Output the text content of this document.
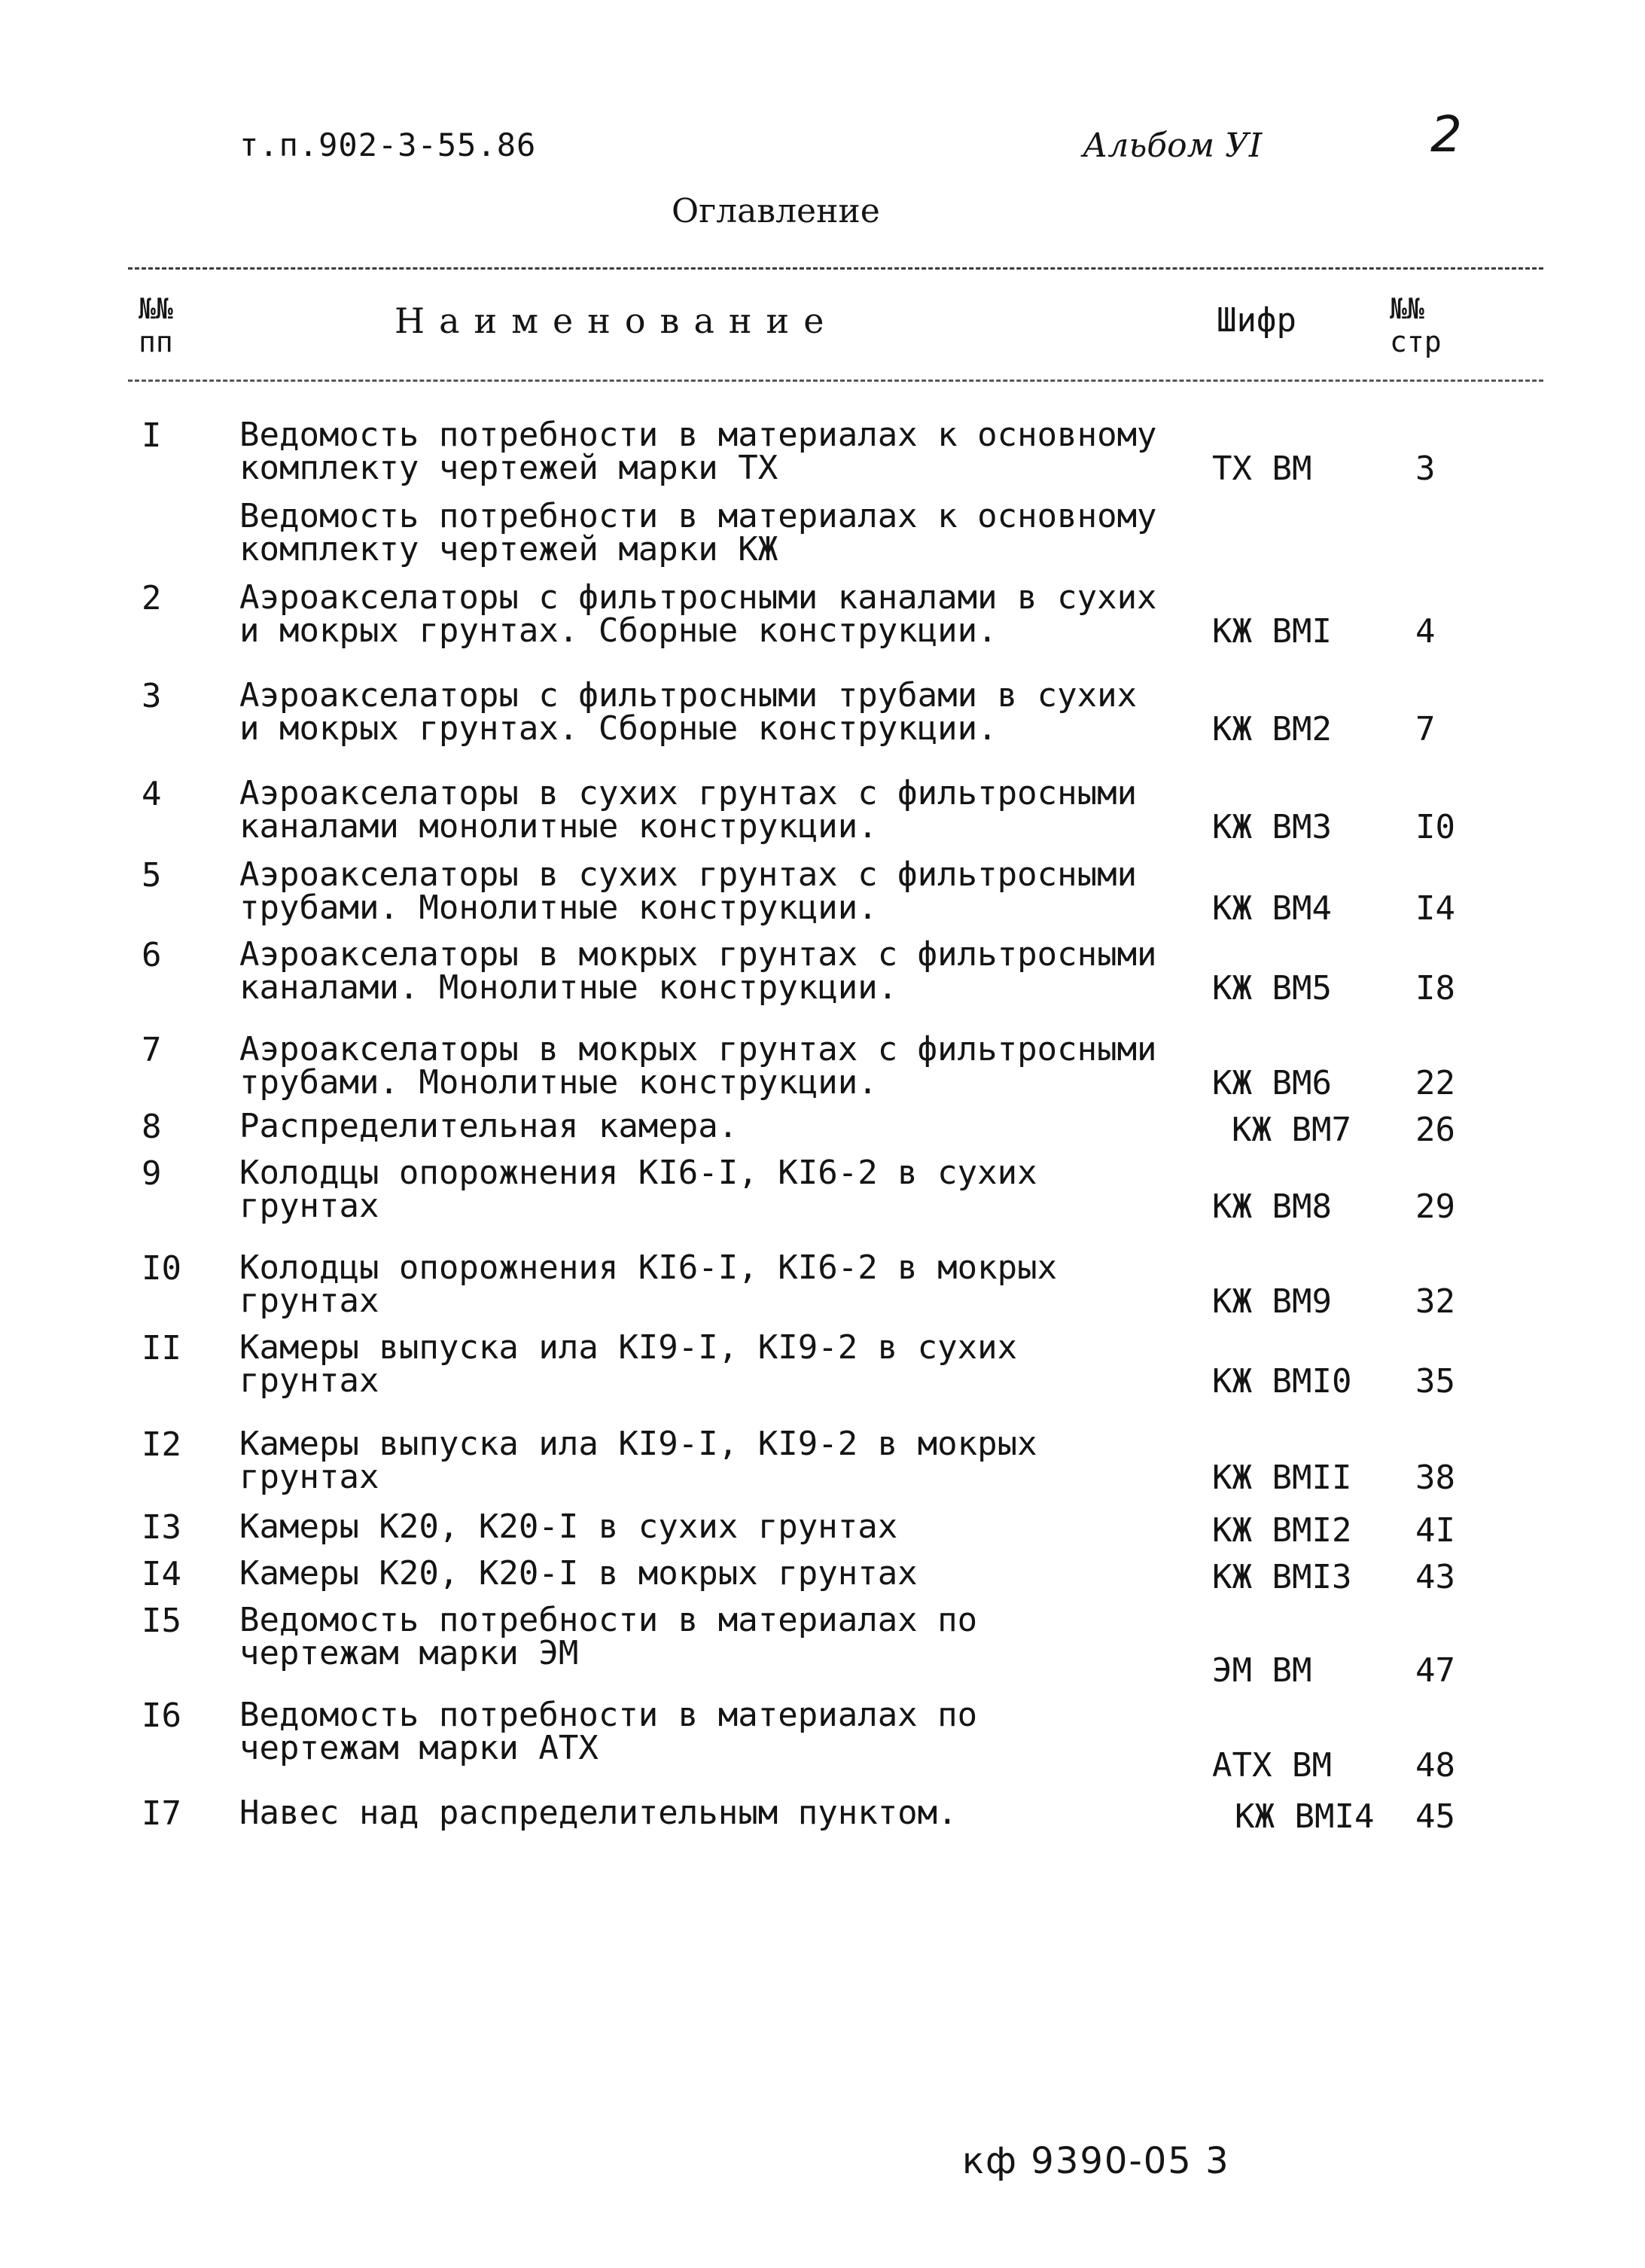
т.п.902-3-55.86	Альбом УI	2
Оглавление
№№
пп
Наименование	Шифр	№№
стр
I Ведомость потребности в материалах к основному
комплекту чертежей марки ТХ	ТХ ВМ	3
Ведомость потребности в материалах к основному
комплекту чертежей марки КЖ
2 Аэроакселаторы с фильтросными каналами в сухих
и мокрых грунтах. Сборные конструкции.	КЖ ВМI	4
3 Аэроакселаторы с фильтросными трубами в сухих
и мокрых грунтах. Сборные конструкции.	КЖ ВМ2	7
4 Аэроакселаторы в сухих грунтах с фильтросными
каналами монолитные конструкции.	КЖ ВМ3	I0
5 Аэроакселаторы в сухих грунтах с фильтросными
трубами. Монолитные конструкции.	КЖ ВМ4	I4
6 Аэроакселаторы в мокрых грунтах с фильтросными
каналами. Монолитные конструкции.	КЖ ВМ5	I8
7 Аэроакселаторы в мокрых грунтах с фильтросными
трубами. Монолитные конструкции.	КЖ ВМ6	22
8 Распределительная камера.	КЖ ВМ7 26
9 Колодцы опорожнения КI6-I, КI6-2 в сухих
грунтах	КЖ ВМ8	29
I0 Колодцы опорожнения КI6-I, КI6-2 в мокрых
грунтах	КЖ ВМ9	32
II Камеры выпуска ила КI9-I, КI9-2 в сухих
грунтах	КЖ ВМI0 35
I2 Камеры выпуска ила КI9-I, КI9-2 в мокрых
грунтах	КЖ ВМII 38
I3 Камеры К20, К20-I в сухих грунтах	КЖ ВМI2 4I
I4 Камеры К20, К20-I в мокрых грунтах	КЖ ВМI3 43
I5 Ведомость потребности в материалах по
чертежам марки ЭМ	ЭМ ВМ	47
I6 Ведомость потребности в материалах по
чертежам марки АТХ	АТХ ВМ	48
I7 Навес над распределительным пунктом.	КЖ ВМI4 45
кф 9390-05 3
